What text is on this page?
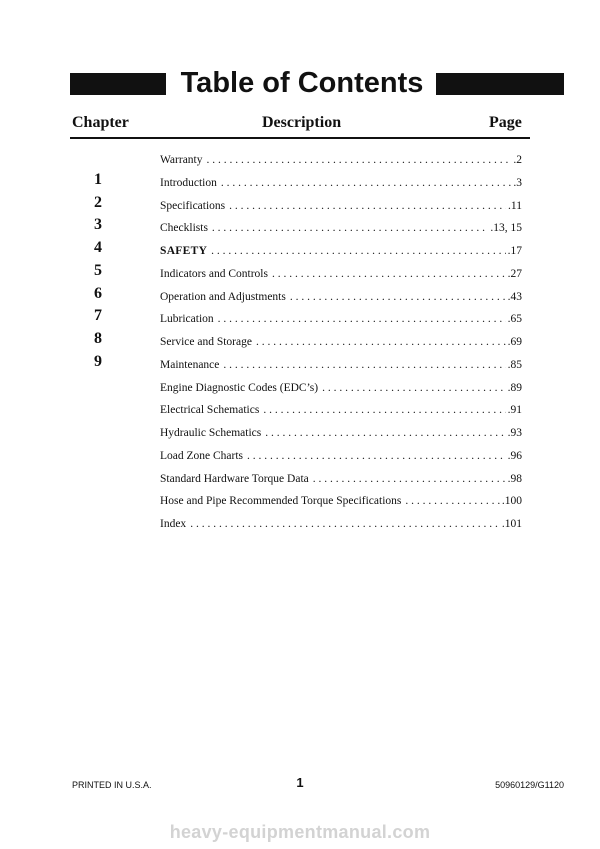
Table of Contents
Chapter	Description	Page
Warranty . . .	.2
1	Introduction . . .	.3
2	Specifications . . .	.11
3	Checklists . . .	.13, 15
4	SAFETY . . .	.17
5	Indicators and Controls . . .	.27
6	Operation and Adjustments . . .	.43
7	Lubrication . . .	.65
8	Service and Storage . . .	.69
9	Maintenance . . .	.85
Engine Diagnostic Codes (EDC’s) . . .	.89
Electrical Schematics . . .	.91
Hydraulic Schematics . . .	.93
Load Zone Charts . . .	.96
Standard Hardware Torque Data . . .	.98
Hose and Pipe Recommended Torque Specifications . . .	.100
Index . . .	.101
PRINTED IN U.S.A.	1	50960129/G1120
heavy-equipmentmanual.com
